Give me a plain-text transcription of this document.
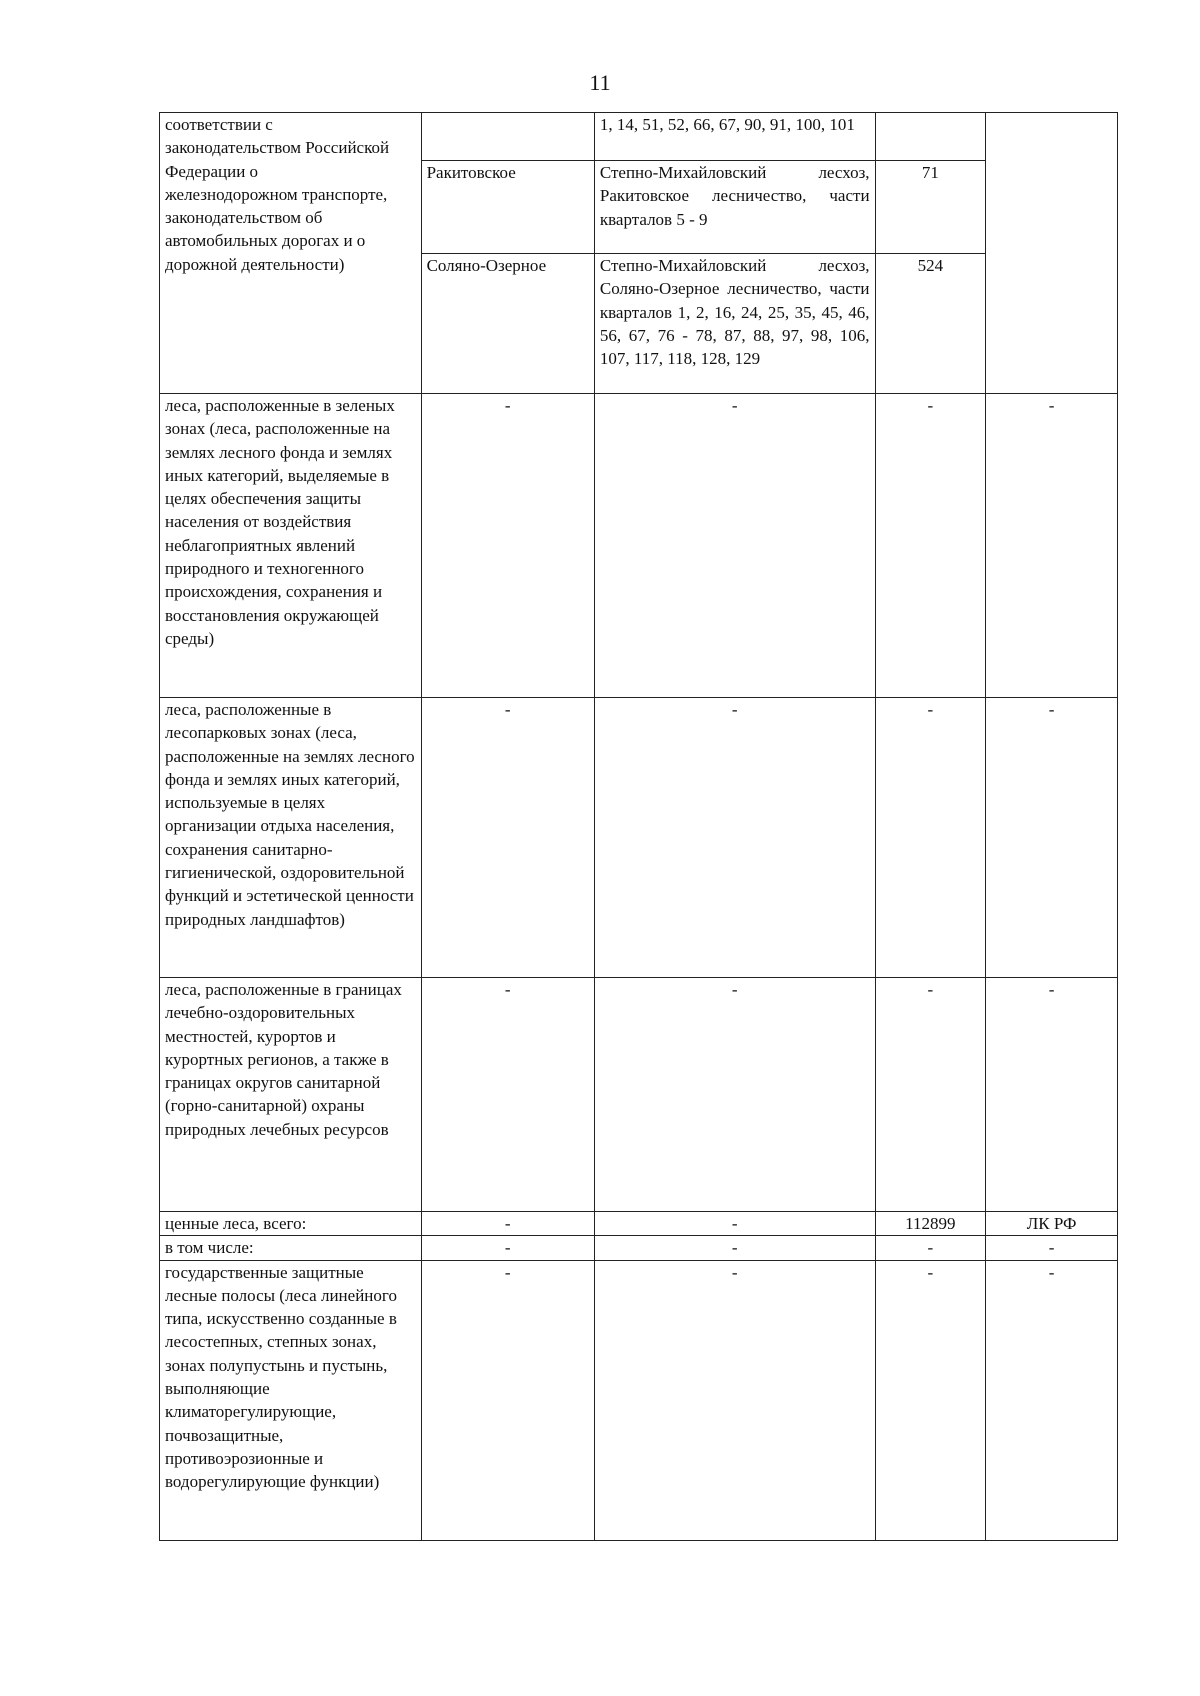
11
соответствии с законодательством Российской Федерации о железнодорожном транспорте, законодательством об автомобильных дорогах и о дорожной деятельности)		1, 14, 51, 52, 66, 67, 90, 91, 100, 101		
	Ракитовское	Степно-Михайловский лесхоз, Ракитовское лесничество, части кварталов 5 - 9	71	
	Соляно-Озерное	Степно-Михайловский лесхоз, Соляно-Озерное лесничество, части кварталов 1, 2, 16, 24, 25, 35, 45, 46, 56, 67, 76 - 78, 87, 88, 97, 98, 106, 107, 117, 118, 128, 129	524	
леса, расположенные в зеленых зонах (леса, расположенные на землях лесного фонда и землях иных категорий, выделяемые в целях обеспечения защиты населения от воздействия неблагоприятных явлений природного и техногенного происхождения, сохранения и восстановления окружающей среды)	-	-	-	-
леса, расположенные в лесопарковых зонах (леса, расположенные на землях лесного фонда и землях иных категорий, используемые в целях организации отдыха населения, сохранения санитарно-гигиенической, оздоровительной функций и эстетической ценности природных ландшафтов)	-	-	-	-
леса, расположенные в границах лечебно-оздоровительных местностей, курортов и курортных регионов, а также в границах округов санитарной (горно-санитарной) охраны природных лечебных ресурсов	-	-	-	-
ценные леса, всего:	-	-	112899	ЛК РФ
в том числе:	-	-	-	-
государственные защитные лесные полосы (леса линейного типа, искусственно созданные в лесостепных, степных зонах, зонах полупустынь и пустынь, выполняющие климаторегулирующие, почвозащитные, противоэрозионные и водорегулирующие функции)	-	-	-	-
